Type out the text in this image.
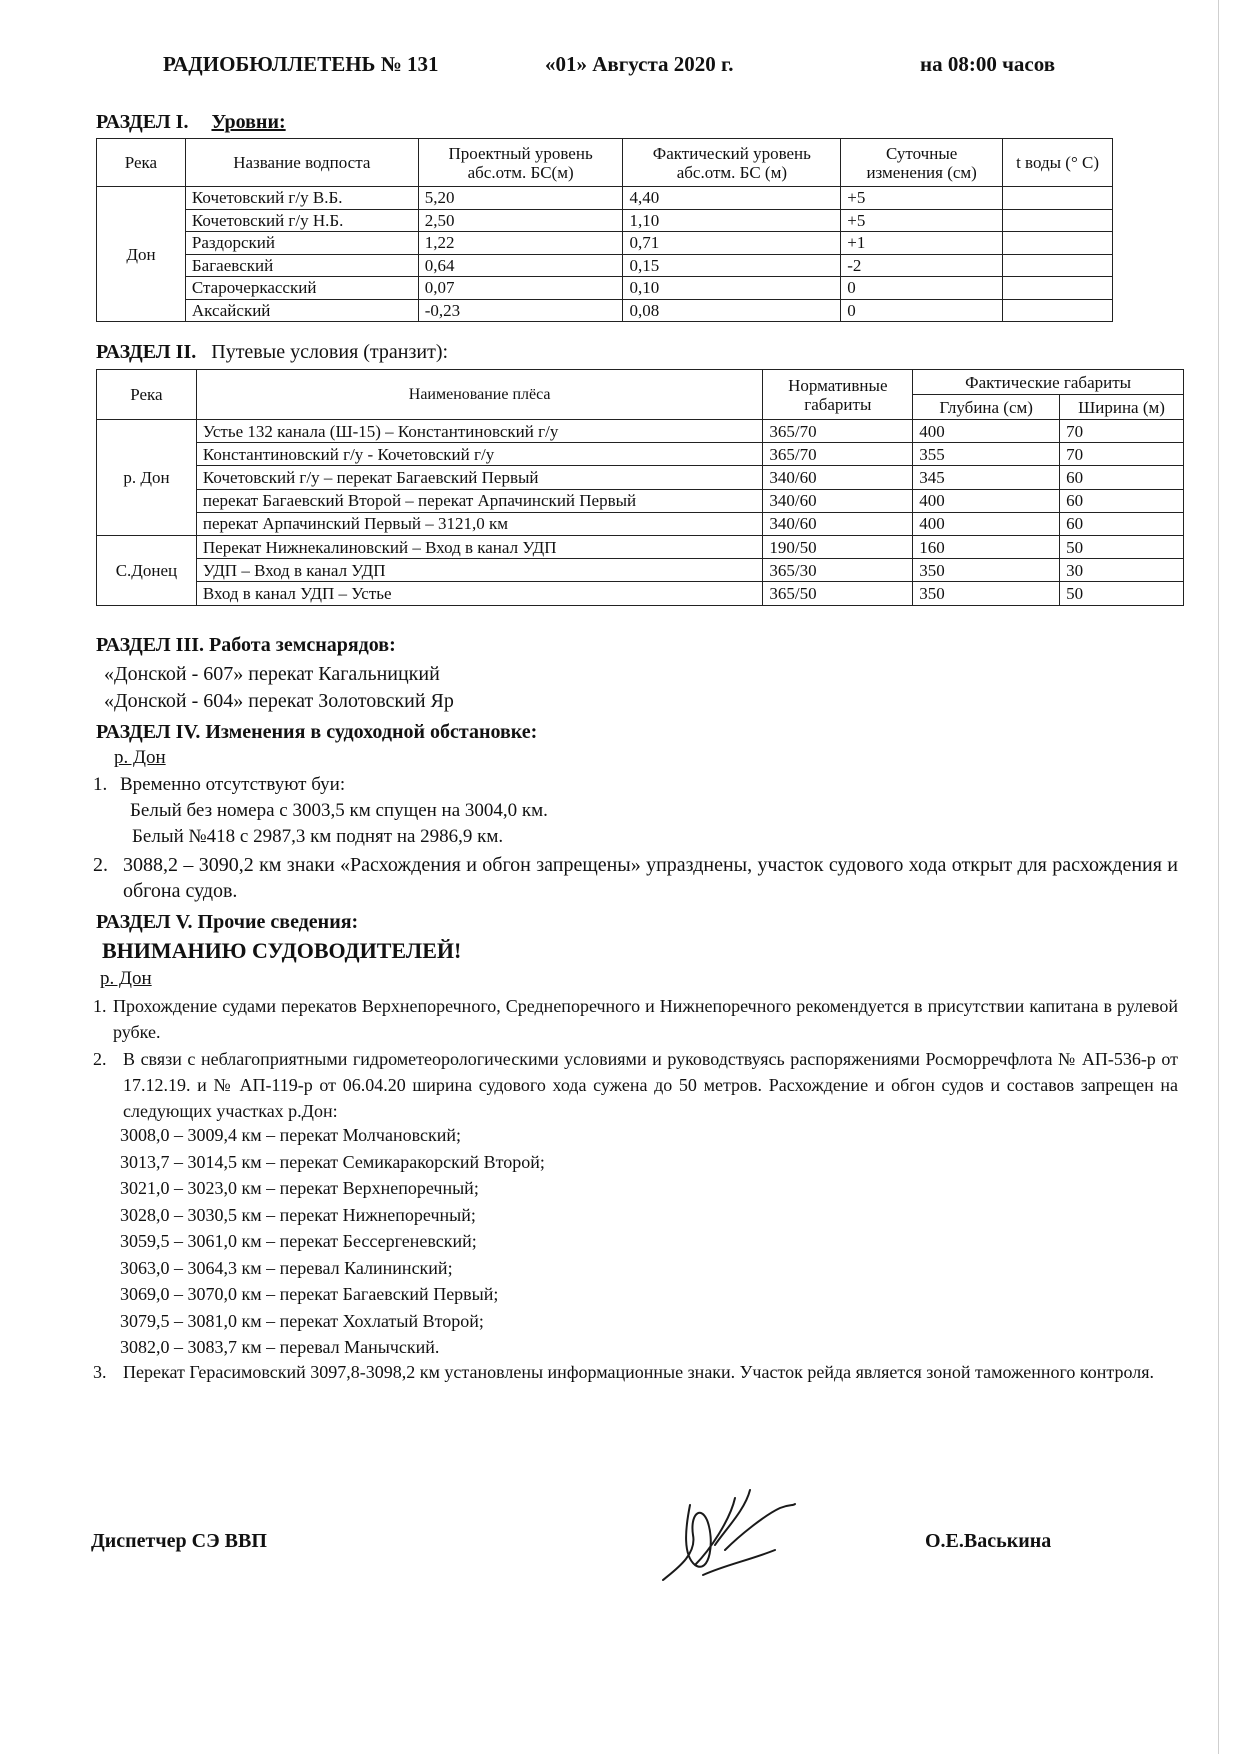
РАДИОБЮЛЛЕТЕНЬ № 131	«01» Августа 2020 г.	на 08:00 часов
РАЗДЕЛ I. Уровни:
Река	Название водпоста	Проектный уровень абс.отм. БС(м)	Фактический уровень абс.отм. БС (м)	Суточные изменения (см)	t воды (° C)
Дон	Кочетовский г/у В.Б.	5,20	4,40	+5	
	Кочетовский г/у Н.Б.	2,50	1,10	+5	
	Раздорский	1,22	0,71	+1	
	Багаевский	0,64	0,15	-2	
	Старочеркасский	0,07	0,10	0	
	Аксайский	-0,23	0,08	0	
РАЗДЕЛ II. Путевые условия (транзит):
Река	Наименование плёса	Нормативные габариты	Фактические габариты	
			Глубина (см)	Ширина (м)
р. Дон	Устье 132 канала (Ш-15) – Константиновский г/у	365/70	400	70
	Константиновский г/у - Кочетовский г/у	365/70	355	70
	Кочетовский г/у – перекат Багаевский Первый	340/60	345	60
	перекат Багаевский Второй – перекат Арпачинский Первый	340/60	400	60
	перекат Арпачинский Первый – 3121,0 км	340/60	400	60
С.Донец	Перекат Нижнекалиновский – Вход в канал УДП	190/50	160	50
	УДП – Вход в канал УДП	365/30	350	30
	Вход в канал УДП – Устье	365/50	350	50
РАЗДЕЛ III. Работа земснарядов:
«Донской - 607» перекат Кагальницкий
«Донской - 604» перекат Золотовский Яр
РАЗДЕЛ IV. Изменения в судоходной обстановке:
р. Дон
1. Временно отсутствуют буи:
Белый без номера с 3003,5 км спущен на 3004,0 км.
Белый №418 с 2987,3 км поднят на 2986,9 км.
2. 3088,2 – 3090,2 км знаки «Расхождения и обгон запрещены» упразднены, участок судового хода открыт для расхождения и обгона судов.
РАЗДЕЛ V. Прочие сведения:
ВНИМАНИЮ СУДОВОДИТЕЛЕЙ!
р. Дон
1. Прохождение судами перекатов Верхнепоречного, Среднепоречного и Нижнепоречного рекомендуется в присутствии капитана в рулевой рубке.
2. В связи с неблагоприятными гидрометеорологическими условиями и руководствуясь распоряжениями Росморречфлота № АП-536-р от 17.12.19. и № АП-119-р от 06.04.20 ширина судового хода сужена до 50 метров. Расхождение и обгон судов и составов запрещен на следующих участках р.Дон:
3008,0 – 3009,4 км – перекат Молчановский;
3013,7 – 3014,5 км – перекат Семикаракорский Второй;
3021,0 – 3023,0 км – перекат Верхнепоречный;
3028,0 – 3030,5 км – перекат Нижнепоречный;
3059,5 – 3061,0 км – перекат Бессергеневский;
3063,0 – 3064,3 км – перевал Калининский;
3069,0 – 3070,0 км – перекат Багаевский Первый;
3079,5 – 3081,0 км – перекат Хохлатый Второй;
3082,0 – 3083,7 км – перевал Манычский.
3. Перекат Герасимовский 3097,8-3098,2 км установлены информационные знаки. Участок рейда является зоной таможенного контроля.
Диспетчер СЭ ВВП	О.Е.Васькина
